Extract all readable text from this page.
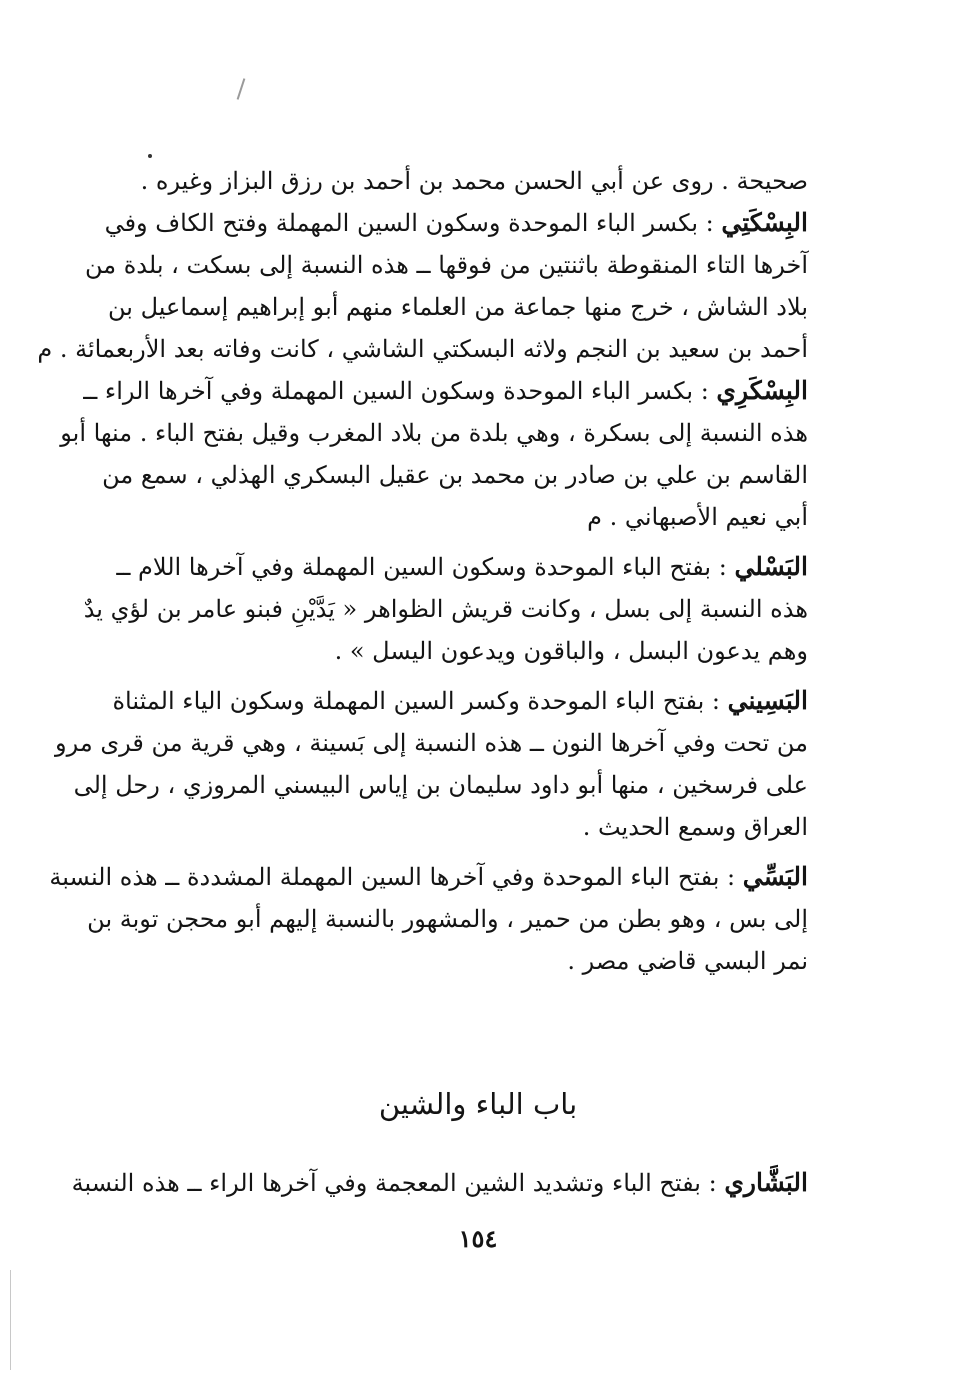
صحيحة . روى عن أبي الحسن محمد بن أحمد بن رزق البزاز وغيره .
البِسْكَتِي : بكسر الباء الموحدة وسكون السين المهملة وفتح الكاف وفي
آخرها التاء المنقوطة باثنتين من فوقها ــ هذه النسبة إلى بسكت ، بلدة من
بلاد الشاش ، خرج منها جماعة من العلماء منهم أبو إبراهيم إسماعيل بن
أحمد بن سعيد بن النجم ولاثه البسكتي الشاشي ، كانت وفاته بعد الأربعمائة . م
البِسْكَرِي : بكسر الباء الموحدة وسكون السين المهملة وفي آخرها الراء ــ
هذه النسبة إلى بسكرة ، وهي بلدة من بلاد المغرب وقيل بفتح الباء . منها أبو
القاسم بن علي بن صادر بن محمد بن عقيل البسكري الهذلي ، سمع من
أبي نعيم الأصبهاني . م
البَسْلي : بفتح الباء الموحدة وسكون السين المهملة وفي آخرها اللام ــ
هذه النسبة إلى بسل ، وكانت قريش الظواهر « يَدَّيْنِ فبنو عامر بن لؤي يدٌ
وهم يدعون البسل ، والباقون ويدعون اليسل » .
البَسِيني : بفتح الباء الموحدة وكسر السين المهملة وسكون الياء المثناة
من تحت وفي آخرها النون ــ هذه النسبة إلى بَسينة ، وهي قرية من قرى مرو
على فرسخين ، منها أبو داود سليمان بن إياس البيسني المروزي ، رحل إلى
العراق وسمع الحديث .
البَسِّي : بفتح الباء الموحدة وفي آخرها السين المهملة المشددة ــ هذه النسبة
إلى بس ، وهو بطن من حمير ، والمشهور بالنسبة إليهم أبو محجن توبة بن
نمر البسي قاضي مصر .
باب الباء والشين
البَشَّاري : بفتح الباء وتشديد الشين المعجمة وفي آخرها الراء ــ هذه النسبة
١٥٤
